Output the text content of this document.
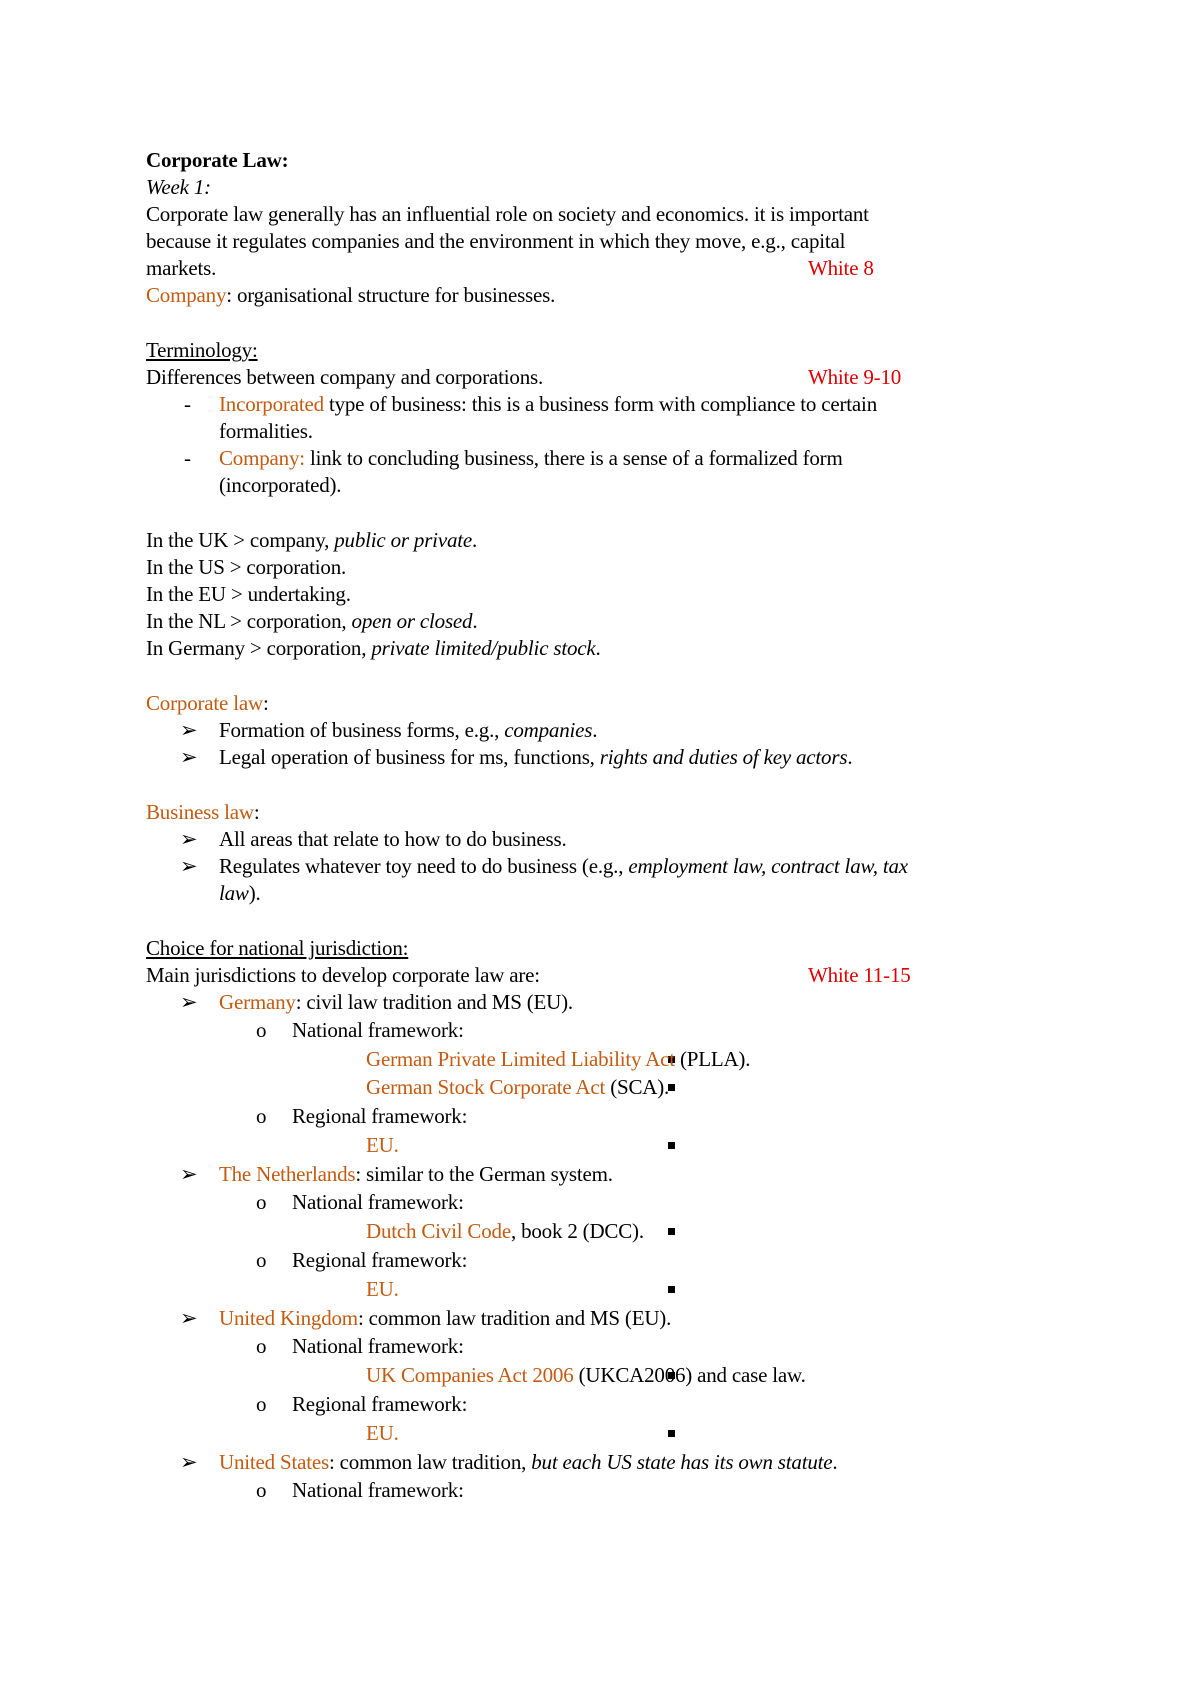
Corporate Law:
Week 1:
Corporate law generally has an influential role on society and economics. it is important
because it regulates companies and the environment in which they move, e.g., capital
markets.	White 8
Company: organisational structure for businesses.
Terminology:
Differences between company and corporations.	White 9-10
- Incorporated type of business: this is a business form with compliance to certain
formalities.
- Company: link to concluding business, there is a sense of a formalized form
(incorporated).
In the UK > company, public or private.
In the US > corporation.
In the EU > undertaking.
In the NL > corporation, open or closed.
In Germany > corporation, private limited/public stock.
Corporate law:
➢ Formation of business forms, e.g., companies.
➢ Legal operation of business for ms, functions, rights and duties of key actors.
Business law:
➢ All areas that relate to how to do business.
➢ Regulates whatever toy need to do business (e.g., employment law, contract law, tax
law).
Choice for national jurisdiction:
Main jurisdictions to develop corporate law are:	White 11-15
➢ Germany: civil law tradition and MS (EU).
o National framework:
German Private Limited Liability Act (PLLA).
German Stock Corporate Act (SCA).
o Regional framework:
EU.
➢ The Netherlands: similar to the German system.
o National framework:
Dutch Civil Code, book 2 (DCC).
o Regional framework:
EU.
➢ United Kingdom: common law tradition and MS (EU).
o National framework:
UK Companies Act 2006 (UKCA2006) and case law.
o Regional framework:
EU.
➢ United States: common law tradition, but each US state has its own statute.
o National framework:
